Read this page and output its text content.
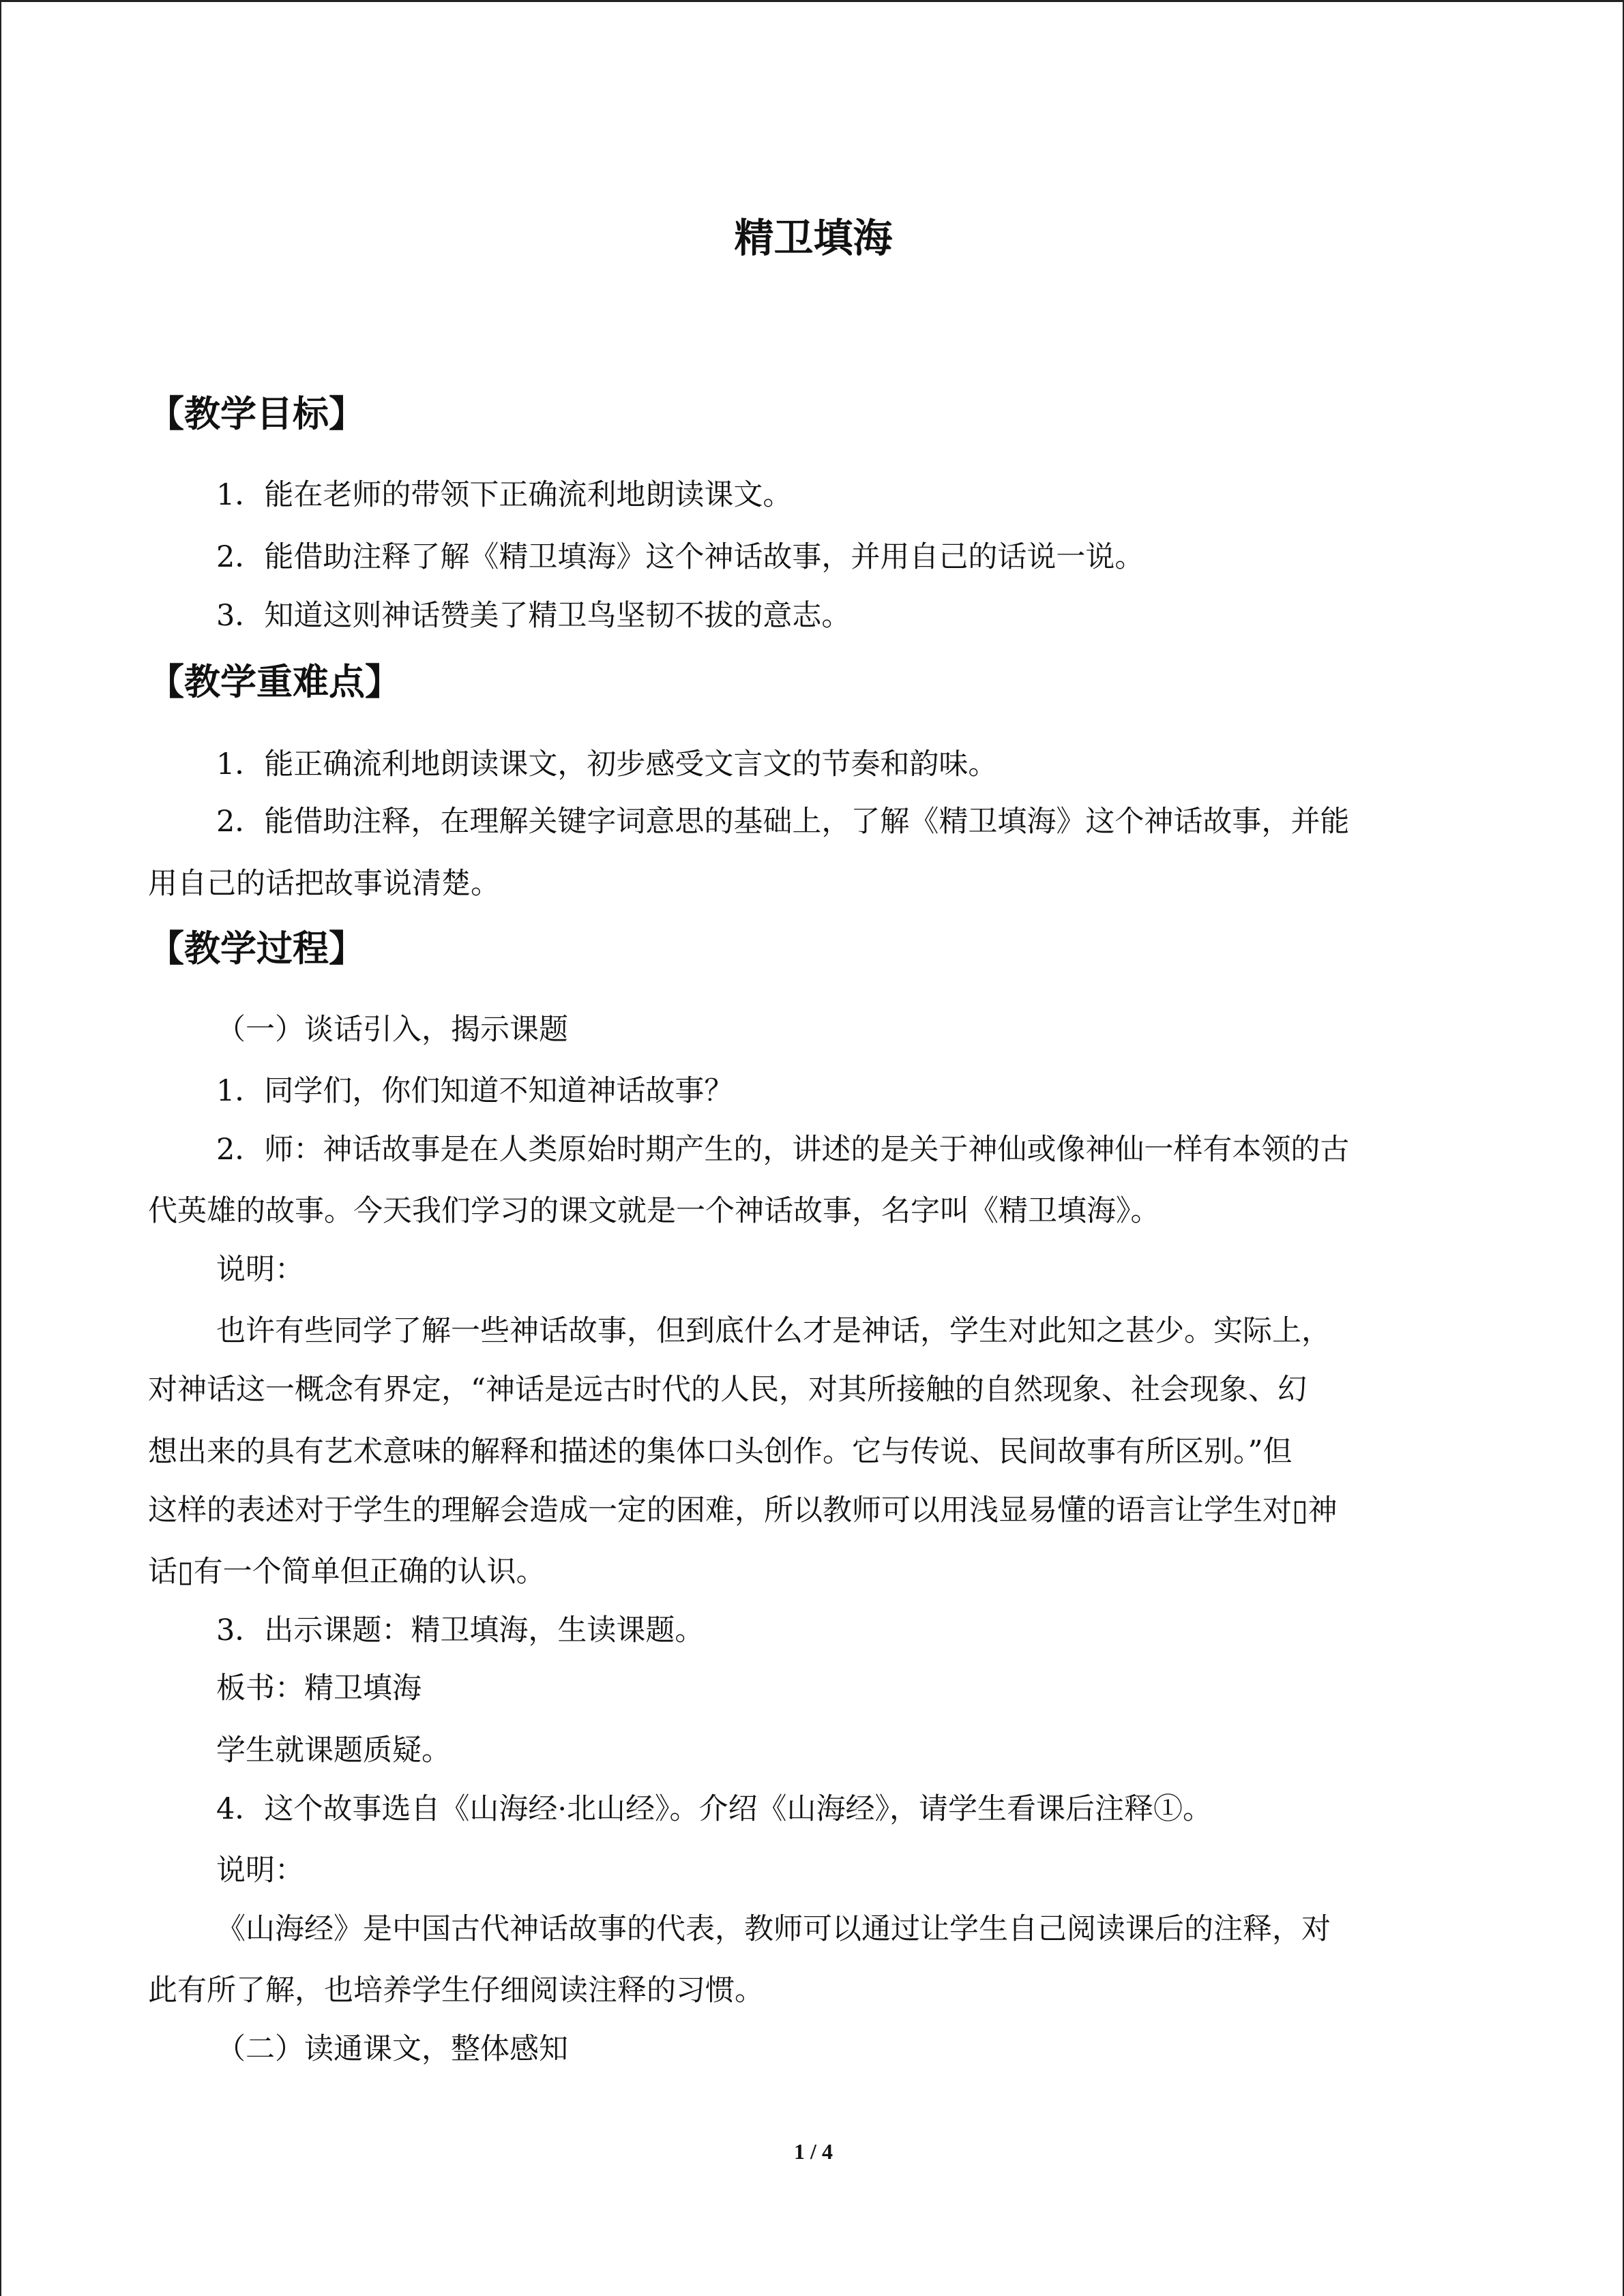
精卫填海
【教学目标】
1．能在老师的带领下正确流利地朗读课文。
2．能借助注释了解《精卫填海》这个神话故事，并用自己的话说一说。
3．知道这则神话赞美了精卫鸟坚韧不拔的意志。
【教学重难点】
1．能正确流利地朗读课文，初步感受文言文的节奏和韵味。
2．能借助注释，在理解关键字词意思的基础上，了解《精卫填海》这个神话故事，并能
用自己的话把故事说清楚。
【教学过程】
（一）谈话引入，揭示课题
1．同学们，你们知道不知道神话故事？
2．师：神话故事是在人类原始时期产生的，讲述的是关于神仙或像神仙一样有本领的古
代英雄的故事。今天我们学习的课文就是一个神话故事，名字叫《精卫填海》。
说明：
也许有些同学了解一些神话故事，但到底什么才是神话，学生对此知之甚少。实际上，
对神话这一概念有界定，“神话是远古时代的人民，对其所接触的自然现象、社会现象、幻
想出来的具有艺术意味的解释和描述的集体口头创作。它与传说、民间故事有所区别。”但
这样的表述对于学生的理解会造成一定的困难，所以教师可以用浅显易懂的语言让学生对▯神
话▯有一个简单但正确的认识。
3．出示课题：精卫填海，生读课题。
板书：精卫填海
学生就课题质疑。
4．这个故事选自《山海经·北山经》。介绍《山海经》，请学生看课后注释①。
说明：
《山海经》是中国古代神话故事的代表，教师可以通过让学生自己阅读课后的注释，对
此有所了解，也培养学生仔细阅读注释的习惯。
（二）读通课文，整体感知
1 / 4
